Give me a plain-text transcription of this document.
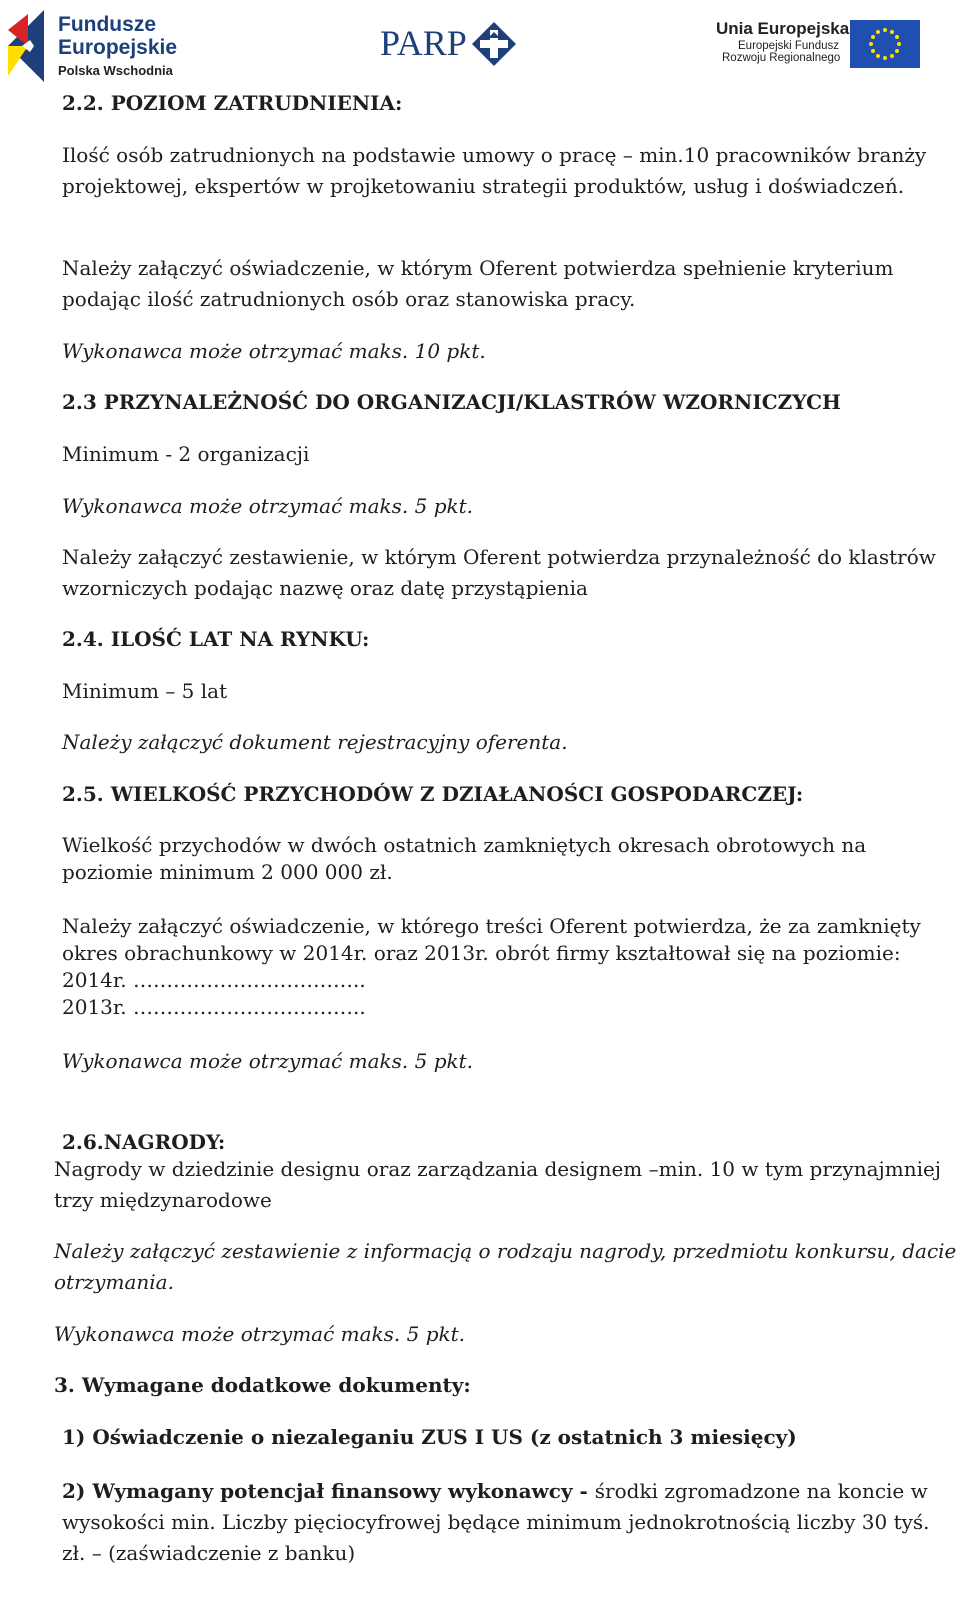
Fundusze
Europejskie
Polska Wschodnia
PARP	Unia Europejska
Europejski Fundusz
Rozwoju Regionalnego
2.2. POZIOM ZATRUDNIENIA:
Ilość osób zatrudnionych na podstawie umowy o pracę – min.10 pracowników branży
projektowej, ekspertów w projketowaniu strategii produktów, usług i doświadczeń.
Należy załączyć oświadczenie, w którym Oferent potwierdza spełnienie kryterium
podając ilość zatrudnionych osób oraz stanowiska pracy.
Wykonawca może otrzymać maks. 10 pkt.
2.3 PRZYNALEŻNOŚĆ DO ORGANIZACJI/KLASTRÓW WZORNICZYCH
Minimum - 2 organizacji
Wykonawca może otrzymać maks. 5 pkt.
Należy załączyć zestawienie, w którym Oferent potwierdza przynależność do klastrów
wzorniczych podając nazwę oraz datę przystąpienia
2.4. ILOŚĆ LAT NA RYNKU:
Minimum – 5 lat
Należy załączyć dokument rejestracyjny oferenta.
2.5. WIELKOŚĆ PRZYCHODÓW Z DZIAŁANOŚCI GOSPODARCZEJ:
Wielkość przychodów w dwóch ostatnich zamkniętych okresach obrotowych na
poziomie minimum 2 000 000 zł.
Należy załączyć oświadczenie, w którego treści Oferent potwierdza, że za zamknięty
okres obrachunkowy w 2014r. oraz 2013r. obrót firmy kształtował się na poziomie:
2014r. ……………………………..
2013r. ……………………………..
Wykonawca może otrzymać maks. 5 pkt.
2.6.NAGRODY:
Nagrody w dziedzinie designu oraz zarządzania designem –min. 10 w tym przynajmniej
trzy międzynarodowe
Należy załączyć zestawienie z informacją o rodzaju nagrody, przedmiotu konkursu, dacie
otrzymania.
Wykonawca może otrzymać maks. 5 pkt.
3. Wymagane dodatkowe dokumenty:
1) Oświadczenie o niezaleganiu ZUS I US (z ostatnich 3 miesięcy)
2) Wymagany potencjał finansowy wykonawcy - środki zgromadzone na koncie w
wysokości min. Liczby pięciocyfrowej będące minimum jednokrotnością liczby 30 tyś.
zł. – (zaświadczenie z banku)
